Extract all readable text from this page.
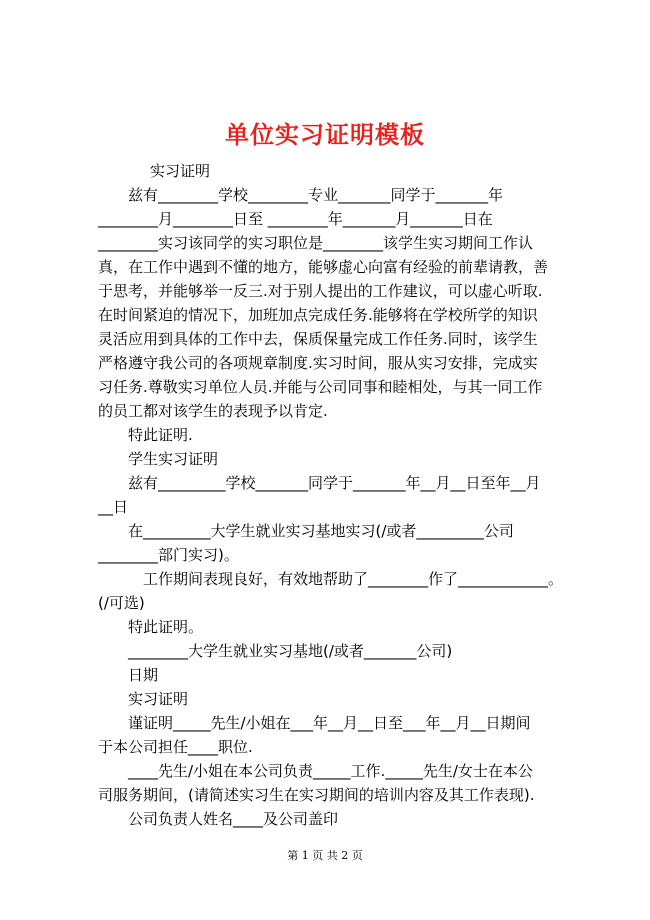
单位实习证明模板
实习证明
兹有________学校________专业_______同学于_______年
________月________日至 ________年_______月_______日在
________实习该同学的实习职位是________该学生实习期间工作认
真，在工作中遇到不懂的地方，能够虚心向富有经验的前辈请教，善
于思考，并能够举一反三.对于别人提出的工作建议，可以虚心听取.
在时间紧迫的情况下，加班加点完成任务.能够将在学校所学的知识
灵活应用到具体的工作中去，保质保量完成工作任务.同时，该学生
严格遵守我公司的各项规章制度.实习时间，服从实习安排，完成实
习任务.尊敬实习单位人员.并能与公司同事和睦相处，与其一同工作
的员工都对该学生的表现予以肯定.
特此证明.
学生实习证明
兹有_________学校_______同学于_______年__月__日至年__月
__日
在_________大学生就业实习基地实习(/或者_________公司
________部门实习)。
工作期间表现良好，有效地帮助了________作了____________。
(/可选)
特此证明。
________大学生就业实习基地(/或者_______公司)
日期
实习证明
谨证明_____先生/小姐在___年__月__日至___年__月__日期间
于本公司担任____职位.
____先生/小姐在本公司负责_____工作._____先生/女士在本公
司服务期间，(请简述实习生在实习期间的培训内容及其工作表现).
公司负责人姓名____及公司盖印
第 1 页 共 2 页
